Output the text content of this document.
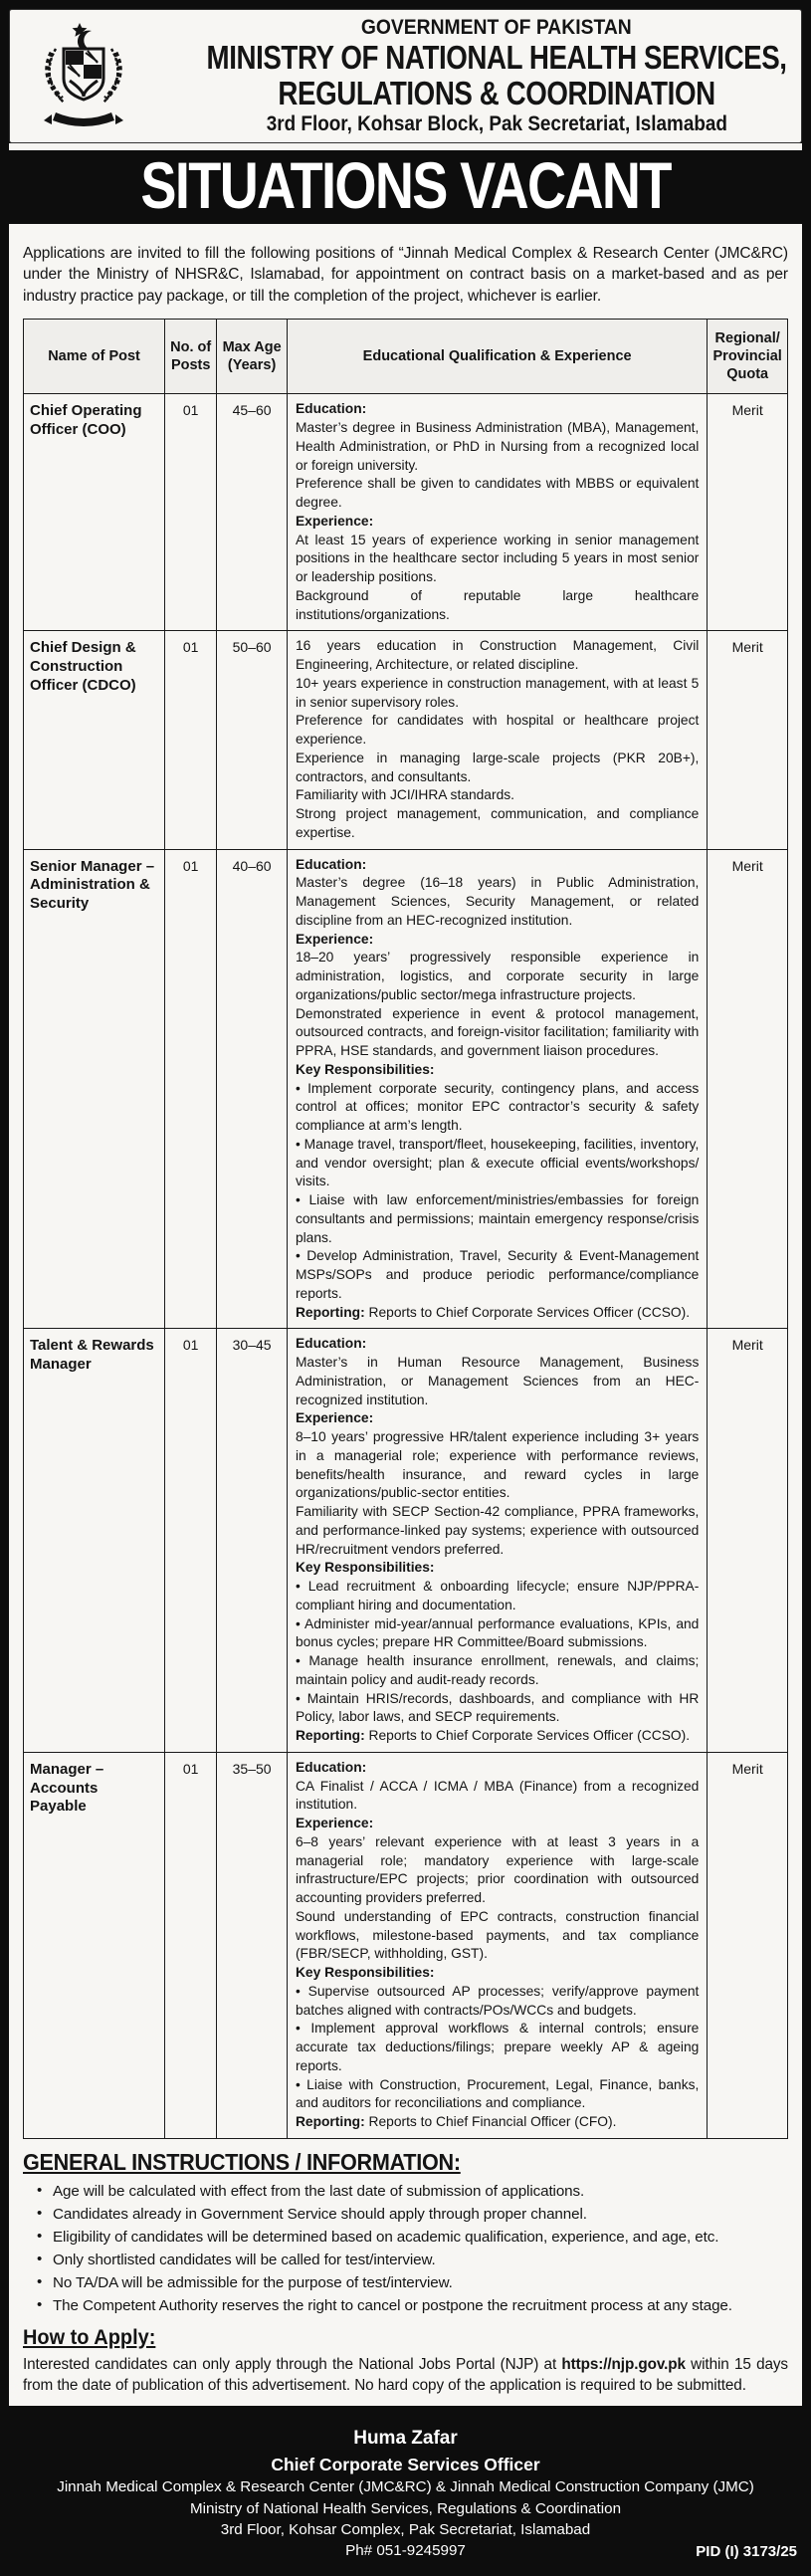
GOVERNMENT OF PAKISTAN
MINISTRY OF NATIONAL HEALTH SERVICES,
REGULATIONS & COORDINATION
3rd Floor, Kohsar Block, Pak Secretariat, Islamabad
SITUATIONS VACANT

Applications are invited to fill the following positions of “Jinnah Medical Complex & Research Center (JMC&RC) under the Ministry of NHSR&C, Islamabad, for appointment on contract basis on a market-based and as per industry practice pay package, or till the completion of the project, whichever is earlier.

Name of Post	No. of Posts	Max Age (Years)	Educational Qualification & Experience	Regional/ Provincial Quota
Chief Operating Officer (COO)	01	45–60	Education:
Master’s degree in Business Administration (MBA), Management, Health Administration, or PhD in Nursing from a recognized local or foreign university.
Preference shall be given to candidates with MBBS or equivalent degree.
Experience:
At least 15 years of experience working in senior management positions in the healthcare sector including 5 years in most senior or leadership positions.
Background of reputable large healthcare institutions/organizations.
	Merit
Chief Design & Construction Officer (CDCO)	01	50–60	16 years education in Construction Management, Civil Engineering, Architecture, or related discipline.
10+ years experience in construction management, with at least 5 in senior supervisory roles.
Preference for candidates with hospital or healthcare project experience.
Experience in managing large-scale projects (PKR 20B+), contractors, and consultants.
Familiarity with JCI/IHRA standards.
Strong project management, communication, and compliance expertise.
	Merit
Senior Manager – Administration & Security	01	40–60	Education:
Master’s degree (16–18 years) in Public Administration, Management Sciences, Security Management, or related discipline from an HEC-recognized institution.
Experience:
18–20 years’ progressively responsible experience in administration, logistics, and corporate security in large organizations/public sector/mega infrastructure projects.
Demonstrated experience in event & protocol management, outsourced contracts, and foreign-visitor facilitation; familiarity with PPRA, HSE standards, and government liaison procedures.
Key Responsibilities:
• Implement corporate security, contingency plans, and access control at offices; monitor EPC contractor’s security & safety compliance at arm’s length.
• Manage travel, transport/fleet, housekeeping, facilities, inventory, and vendor oversight; plan & execute official events/workshops/ visits.
• Liaise with law enforcement/ministries/embassies for foreign consultants and permissions; maintain emergency response/crisis plans.
• Develop Administration, Travel, Security & Event-Management MSPs/SOPs and produce periodic performance/compliance reports.
Reporting: Reports to Chief Corporate Services Officer (CCSO).
	Merit
Talent & Rewards Manager	01	30–45	Education:
Master’s in Human Resource Management, Business Administration, or Management Sciences from an HEC-recognized institution.
Experience:
8–10 years’ progressive HR/talent experience including 3+ years in a managerial role; experience with performance reviews, benefits/health insurance, and reward cycles in large organizations/public-sector entities.
Familiarity with SECP Section-42 compliance, PPRA frameworks, and performance-linked pay systems; experience with outsourced HR/recruitment vendors preferred.
Key Responsibilities:
• Lead recruitment & onboarding lifecycle; ensure NJP/PPRA-compliant hiring and documentation.
• Administer mid-year/annual performance evaluations, KPIs, and bonus cycles; prepare HR Committee/Board submissions.
• Manage health insurance enrollment, renewals, and claims; maintain policy and audit-ready records.
• Maintain HRIS/records, dashboards, and compliance with HR Policy, labor laws, and SECP requirements.
Reporting: Reports to Chief Corporate Services Officer (CCSO).
	Merit
Manager – Accounts Payable	01	35–50	Education:
CA Finalist / ACCA / ICMA / MBA (Finance) from a recognized institution.
Experience:
6–8 years’ relevant experience with at least 3 years in a managerial role; mandatory experience with large-scale infrastructure/EPC projects; prior coordination with outsourced accounting providers preferred.
Sound understanding of EPC contracts, construction financial workflows, milestone-based payments, and tax compliance (FBR/SECP, withholding, GST).
Key Responsibilities:
• Supervise outsourced AP processes; verify/approve payment batches aligned with contracts/POs/WCCs and budgets.
• Implement approval workflows & internal controls; ensure accurate tax deductions/filings; prepare weekly AP & ageing reports.
• Liaise with Construction, Procurement, Legal, Finance, banks, and auditors for reconciliations and compliance.
Reporting: Reports to Chief Financial Officer (CFO).
	Merit
GENERAL INSTRUCTIONS / INFORMATION:
• Age will be calculated with effect from the last date of submission of applications.
• Candidates already in Government Service should apply through proper channel.
• Eligibility of candidates will be determined based on academic qualification, experience, and age, etc.
• Only shortlisted candidates will be called for test/interview.
• No TA/DA will be admissible for the purpose of test/interview.
• The Competent Authority reserves the right to cancel or postpone the recruitment process at any stage.
How to Apply:

Interested candidates can only apply through the National Jobs Portal (NJP) at https://njp.gov.pk within 15 days from the date of publication of this advertisement. No hard copy of the application is required to be submitted.

Huma Zafar
Chief Corporate Services Officer
Jinnah Medical Complex & Research Center (JMC&RC) & Jinnah Medical Construction Company (JMC)
Ministry of National Health Services, Regulations & Coordination
3rd Floor, Kohsar Complex, Pak Secretariat, Islamabad
Ph# 051-9245997	PID (I) 3173/25
